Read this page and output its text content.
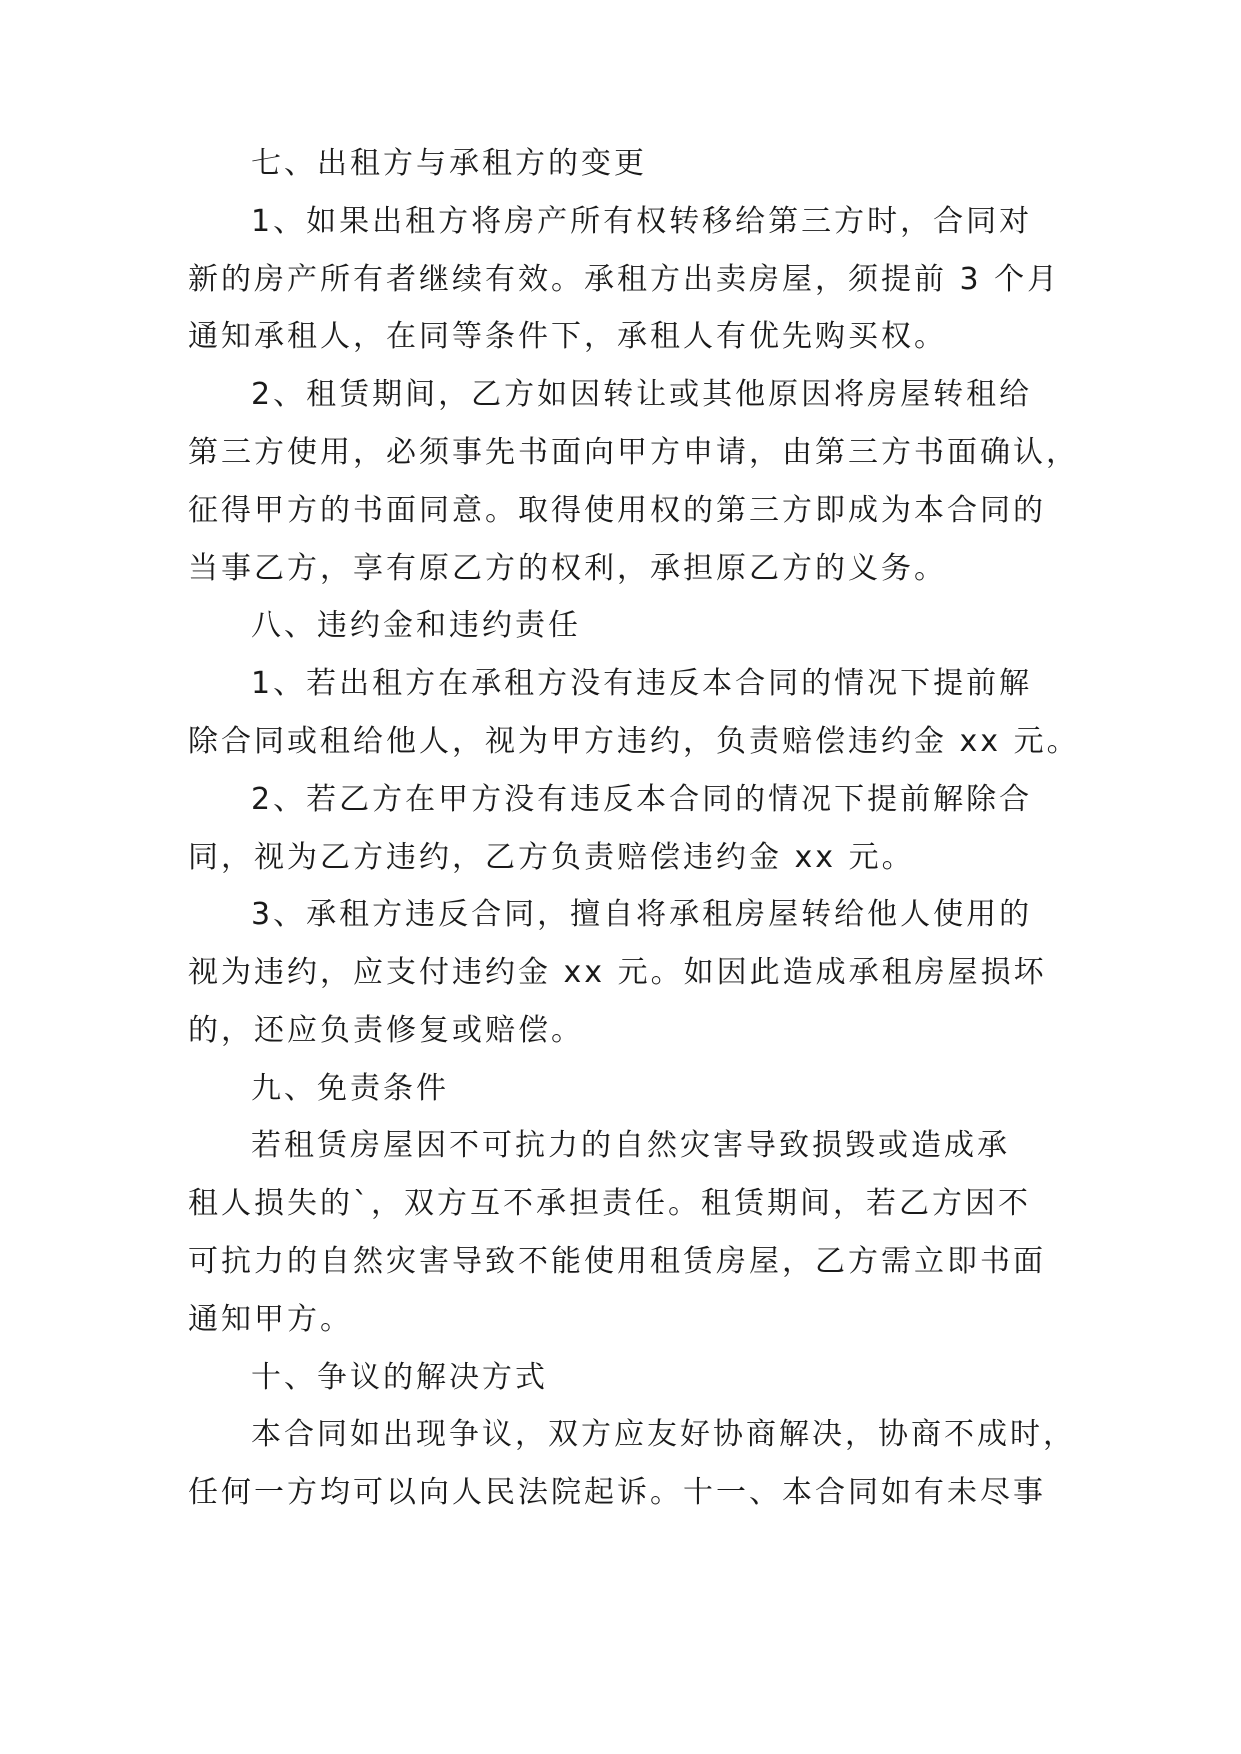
七、出租方与承租方的变更
1、如果出租方将房产所有权转移给第三方时，合同对
新的房产所有者继续有效。承租方出卖房屋，须提前 3 个月
通知承租人，在同等条件下，承租人有优先购买权。
2、租赁期间，乙方如因转让或其他原因将房屋转租给
第三方使用，必须事先书面向甲方申请，由第三方书面确认，
征得甲方的书面同意。取得使用权的第三方即成为本合同的
当事乙方，享有原乙方的权利，承担原乙方的义务。
八、违约金和违约责任
1、若出租方在承租方没有违反本合同的情况下提前解
除合同或租给他人，视为甲方违约，负责赔偿违约金 xx 元。
2、若乙方在甲方没有违反本合同的情况下提前解除合
同，视为乙方违约，乙方负责赔偿违约金 xx 元。
3、承租方违反合同，擅自将承租房屋转给他人使用的
视为违约，应支付违约金 xx 元。如因此造成承租房屋损坏
的，还应负责修复或赔偿。
九、免责条件
若租赁房屋因不可抗力的自然灾害导致损毁或造成承
租人损失的`，双方互不承担责任。租赁期间，若乙方因不
可抗力的自然灾害导致不能使用租赁房屋，乙方需立即书面
通知甲方。
十、争议的解决方式
本合同如出现争议，双方应友好协商解决，协商不成时，
任何一方均可以向人民法院起诉。十一、本合同如有未尽事
